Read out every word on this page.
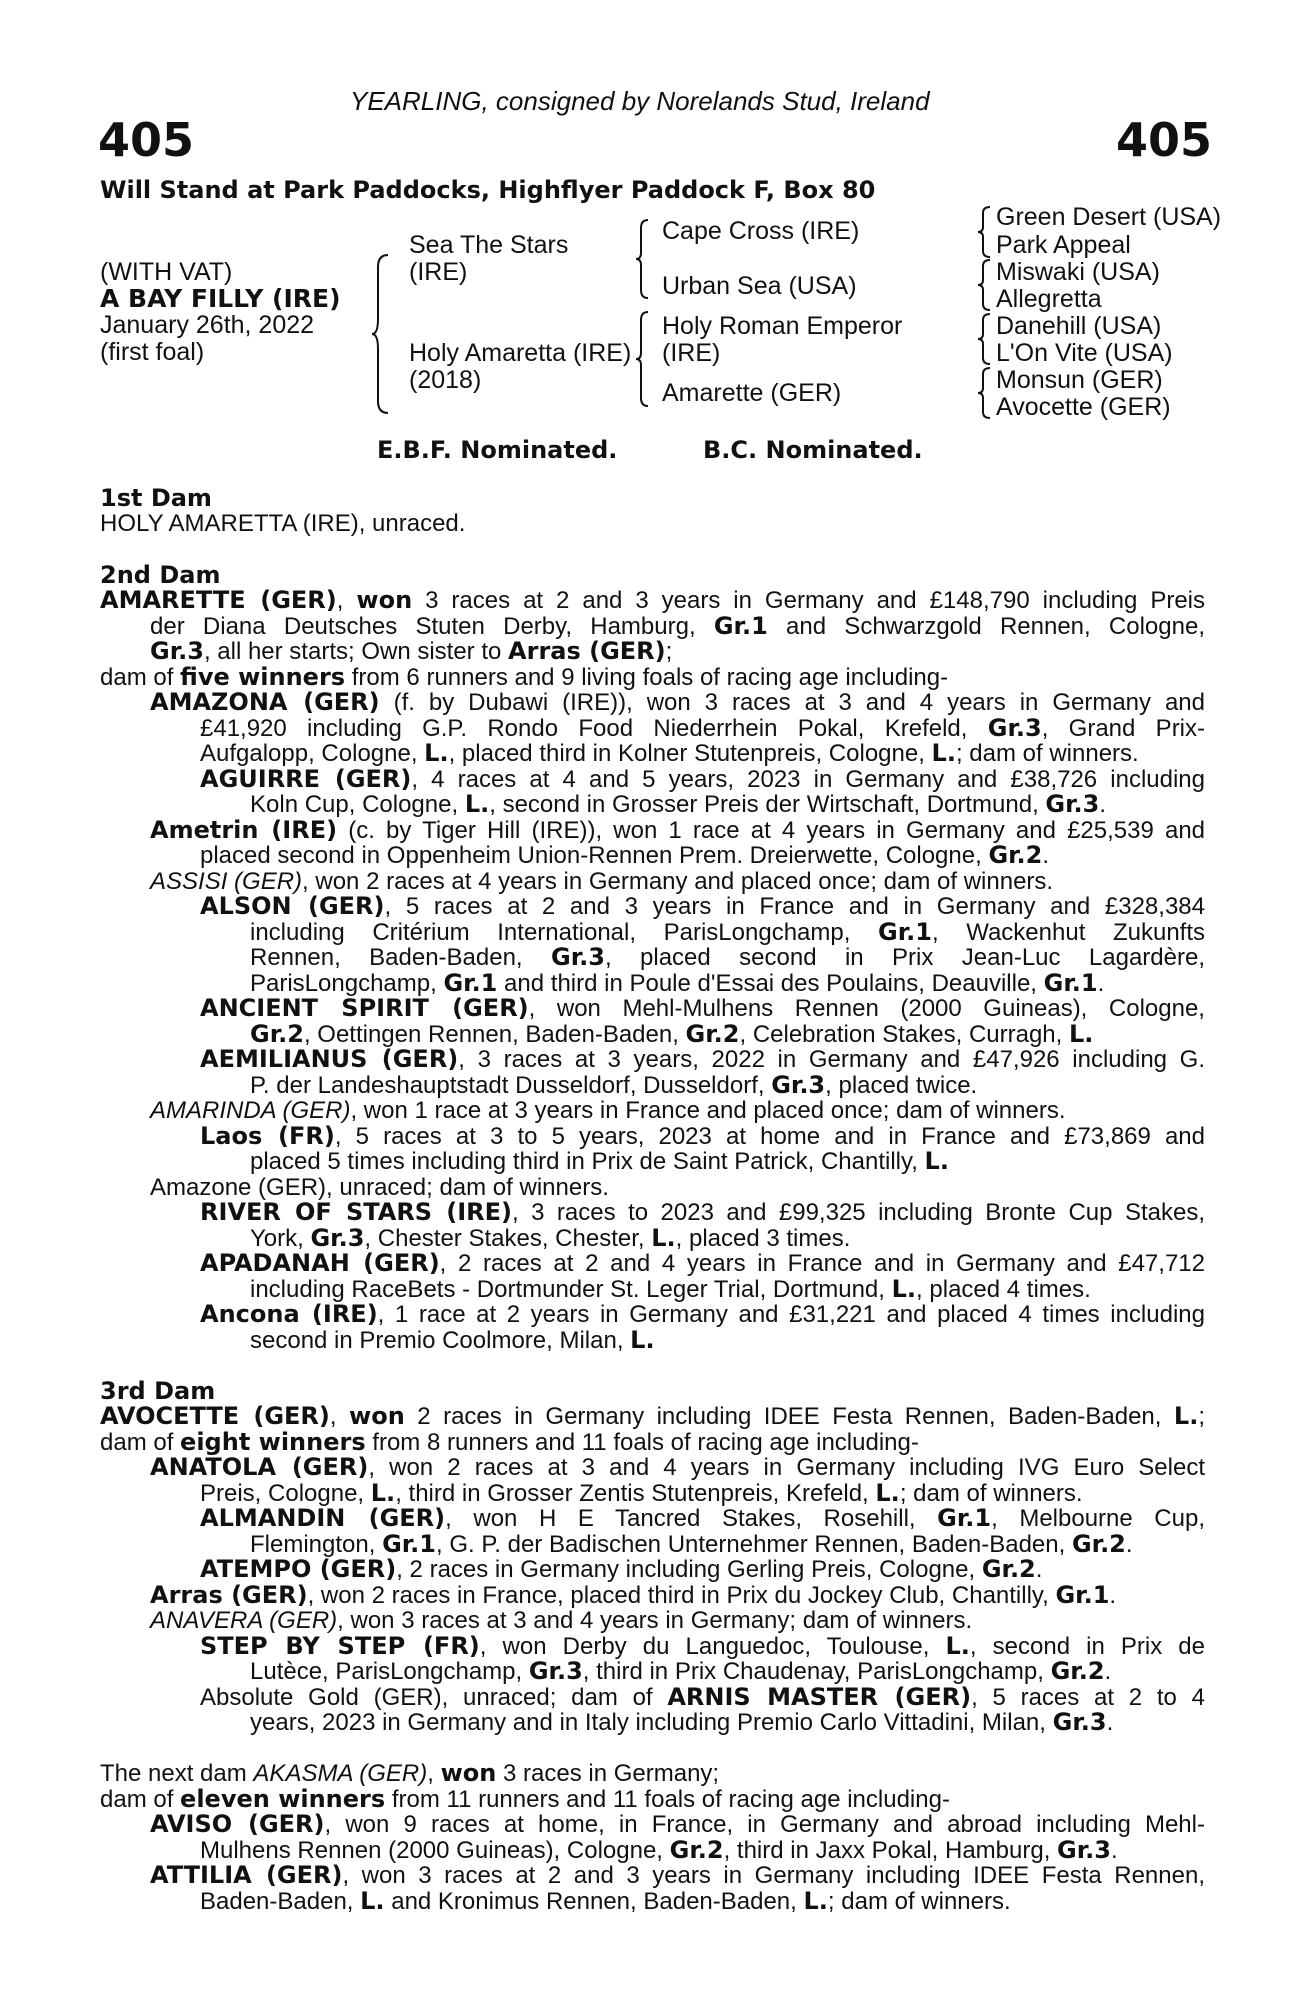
YEARLING, consigned by Norelands Stud, Ireland
405	405
Will Stand at Park Paddocks, Highflyer Paddock F, Box 80
(WITH VAT)
A BAY FILLY (IRE)
January 26th, 2022
(first foal)
Sea The Stars
(IRE)
Holy Amaretta (IRE)
(2018)
Cape Cross (IRE)
Urban Sea (USA)
Holy Roman Emperor
(IRE)
Amarette (GER)
Green Desert (USA)
Park Appeal
Miswaki (USA)
Allegretta
Danehill (USA)
L'On Vite (USA)
Monsun (GER)
Avocette (GER)
E.B.F. Nominated.	B.C. Nominated.
1st Dam
2nd Dam
3rd Dam
HOLY AMARETTA (IRE), unraced.
AMARETTE (GER), won 3 races at 2 and 3 years in Germany and £148,790 including Preis
der Diana Deutsches Stuten Derby, Hamburg, Gr.1 and Schwarzgold Rennen, Cologne,
Gr.3, all her starts; Own sister to Arras (GER);
dam of five winners from 6 runners and 9 living foals of racing age including-
AMAZONA (GER) (f. by Dubawi (IRE)), won 3 races at 3 and 4 years in Germany and
£41,920 including G.P. Rondo Food Niederrhein Pokal, Krefeld, Gr.3, Grand Prix-
Aufgalopp, Cologne, L., placed third in Kolner Stutenpreis, Cologne, L.; dam of winners.
AGUIRRE (GER), 4 races at 4 and 5 years, 2023 in Germany and £38,726 including
Koln Cup, Cologne, L., second in Grosser Preis der Wirtschaft, Dortmund, Gr.3.
Ametrin (IRE) (c. by Tiger Hill (IRE)), won 1 race at 4 years in Germany and £25,539 and
placed second in Oppenheim Union-Rennen Prem. Dreierwette, Cologne, Gr.2.
ASSISI (GER), won 2 races at 4 years in Germany and placed once; dam of winners.
ALSON (GER), 5 races at 2 and 3 years in France and in Germany and £328,384
including Critérium International, ParisLongchamp, Gr.1, Wackenhut Zukunfts
Rennen, Baden-Baden, Gr.3, placed second in Prix Jean-Luc Lagardère,
ParisLongchamp, Gr.1 and third in Poule d'Essai des Poulains, Deauville, Gr.1.
ANCIENT SPIRIT (GER), won Mehl-Mulhens Rennen (2000 Guineas), Cologne,
Gr.2, Oettingen Rennen, Baden-Baden, Gr.2, Celebration Stakes, Curragh, L.
AEMILIANUS (GER), 3 races at 3 years, 2022 in Germany and £47,926 including G.
P. der Landeshauptstadt Dusseldorf, Dusseldorf, Gr.3, placed twice.
AMARINDA (GER), won 1 race at 3 years in France and placed once; dam of winners.
Laos (FR), 5 races at 3 to 5 years, 2023 at home and in France and £73,869 and
placed 5 times including third in Prix de Saint Patrick, Chantilly, L.
Amazone (GER), unraced; dam of winners.
RIVER OF STARS (IRE), 3 races to 2023 and £99,325 including Bronte Cup Stakes,
York, Gr.3, Chester Stakes, Chester, L., placed 3 times.
APADANAH (GER), 2 races at 2 and 4 years in France and in Germany and £47,712
including RaceBets - Dortmunder St. Leger Trial, Dortmund, L., placed 4 times.
Ancona (IRE), 1 race at 2 years in Germany and £31,221 and placed 4 times including
second in Premio Coolmore, Milan, L.
AVOCETTE (GER), won 2 races in Germany including IDEE Festa Rennen, Baden-Baden, L.;
dam of eight winners from 8 runners and 11 foals of racing age including-
ANATOLA (GER), won 2 races at 3 and 4 years in Germany including IVG Euro Select
Preis, Cologne, L., third in Grosser Zentis Stutenpreis, Krefeld, L.; dam of winners.
ALMANDIN (GER), won H E Tancred Stakes, Rosehill, Gr.1, Melbourne Cup,
Flemington, Gr.1, G. P. der Badischen Unternehmer Rennen, Baden-Baden, Gr.2.
ATEMPO (GER), 2 races in Germany including Gerling Preis, Cologne, Gr.2.
Arras (GER), won 2 races in France, placed third in Prix du Jockey Club, Chantilly, Gr.1.
ANAVERA (GER), won 3 races at 3 and 4 years in Germany; dam of winners.
STEP BY STEP (FR), won Derby du Languedoc, Toulouse, L., second in Prix de
Lutèce, ParisLongchamp, Gr.3, third in Prix Chaudenay, ParisLongchamp, Gr.2.
Absolute Gold (GER), unraced; dam of ARNIS MASTER (GER), 5 races at 2 to 4
years, 2023 in Germany and in Italy including Premio Carlo Vittadini, Milan, Gr.3.
The next dam AKASMA (GER), won 3 races in Germany;
dam of eleven winners from 11 runners and 11 foals of racing age including-
AVISO (GER), won 9 races at home, in France, in Germany and abroad including Mehl-
Mulhens Rennen (2000 Guineas), Cologne, Gr.2, third in Jaxx Pokal, Hamburg, Gr.3.
ATTILIA (GER), won 3 races at 2 and 3 years in Germany including IDEE Festa Rennen,
Baden-Baden, L. and Kronimus Rennen, Baden-Baden, L.; dam of winners.
